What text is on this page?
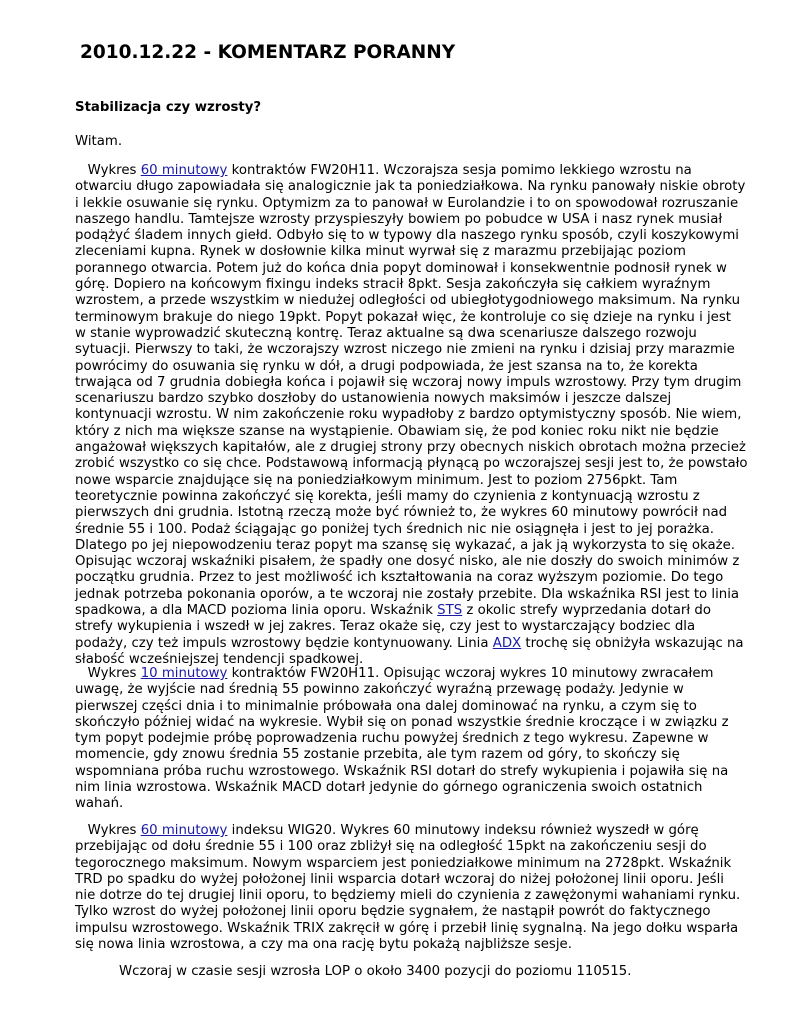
2010.12.22 - KOMENTARZ PORANNY
Stabilizacja czy wzrosty?

Witam.

Wykres 60 minutowy kontraktów FW20H11. Wczorajsza sesja pomimo lekkiego wzrostu na
otwarciu długo zapowiadała się analogicznie jak ta poniedziałkowa. Na rynku panowały niskie obroty
i lekkie osuwanie się rynku. Optymizm za to panował w Eurolandzie i to on spowodował rozruszanie
naszego handlu. Tamtejsze wzrosty przyspieszyły bowiem po pobudce w USA i nasz rynek musiał
podążyć śladem innych giełd. Odbyło się to w typowy dla naszego rynku sposób, czyli koszykowymi
zleceniami kupna. Rynek w dosłownie kilka minut wyrwał się z marazmu przebijając poziom
porannego otwarcia. Potem już do końca dnia popyt dominował i konsekwentnie podnosił rynek w
górę. Dopiero na końcowym fixingu indeks stracił 8pkt. Sesja zakończyła się całkiem wyraźnym
wzrostem, a przede wszystkim w niedużej odległości od ubiegłotygodniowego maksimum. Na rynku
terminowym brakuje do niego 19pkt. Popyt pokazał więc, że kontroluje co się dzieje na rynku i jest
w stanie wyprowadzić skuteczną kontrę. Teraz aktualne są dwa scenariusze dalszego rozwoju
sytuacji. Pierwszy to taki, że wczorajszy wzrost niczego nie zmieni na rynku i dzisiaj przy marazmie
powrócimy do osuwania się rynku w dół, a drugi podpowiada, że jest szansa na to, że korekta
trwająca od 7 grudnia dobiegła końca i pojawił się wczoraj nowy impuls wzrostowy. Przy tym drugim
scenariuszu bardzo szybko doszłoby do ustanowienia nowych maksimów i jeszcze dalszej
kontynuacji wzrostu. W nim zakończenie roku wypadłoby z bardzo optymistyczny sposób. Nie wiem,
który z nich ma większe szanse na wystąpienie. Obawiam się, że pod koniec roku nikt nie będzie
angażował większych kapitałów, ale z drugiej strony przy obecnych niskich obrotach można przecież
zrobić wszystko co się chce. Podstawową informacją płynącą po wczorajszej sesji jest to, że powstało
nowe wsparcie znajdujące się na poniedziałkowym minimum. Jest to poziom 2756pkt. Tam
teoretycznie powinna zakończyć się korekta, jeśli mamy do czynienia z kontynuacją wzrostu z
pierwszych dni grudnia. Istotną rzeczą może być również to, że wykres 60 minutowy powrócił nad
średnie 55 i 100. Podaż ściągając go poniżej tych średnich nic nie osiągnęła i jest to jej porażka.
Dlatego po jej niepowodzeniu teraz popyt ma szansę się wykazać, a jak ją wykorzysta to się okaże.
Opisując wczoraj wskaźniki pisałem, że spadły one dosyć nisko, ale nie doszły do swoich minimów z
początku grudnia. Przez to jest możliwość ich kształtowania na coraz wyższym poziomie. Do tego
jednak potrzeba pokonania oporów, a te wczoraj nie zostały przebite. Dla wskaźnika RSI jest to linia
spadkowa, a dla MACD pozioma linia oporu. Wskaźnik STS z okolic strefy wyprzedania dotarł do
strefy wykupienia i wszedł w jej zakres. Teraz okaże się, czy jest to wystarczający bodziec dla
podaży, czy też impuls wzrostowy będzie kontynuowany. Linia ADX trochę się obniżyła wskazując na
słabość wcześniejszej tendencji spadkowej.
Wykres 10 minutowy kontraktów FW20H11. Opisując wczoraj wykres 10 minutowy zwracałem
uwagę, że wyjście nad średnią 55 powinno zakończyć wyraźną przewagę podaży. Jedynie w
pierwszej części dnia i to minimalnie próbowała ona dalej dominować na rynku, a czym się to
skończyło później widać na wykresie. Wybił się on ponad wszystkie średnie kroczące i w związku z
tym popyt podejmie próbę poprowadzenia ruchu powyżej średnich z tego wykresu. Zapewne w
momencie, gdy znowu średnia 55 zostanie przebita, ale tym razem od góry, to skończy się
wspomniana próba ruchu wzrostowego. Wskaźnik RSI dotarł do strefy wykupienia i pojawiła się na
nim linia wzrostowa. Wskaźnik MACD dotarł jedynie do górnego ograniczenia swoich ostatnich
wahań.
Wykres 60 minutowy indeksu WIG20. Wykres 60 minutowy indeksu również wyszedł w górę
przebijając od dołu średnie 55 i 100 oraz zbliżył się na odległość 15pkt na zakończeniu sesji do
tegorocznego maksimum. Nowym wsparciem jest poniedziałkowe minimum na 2728pkt. Wskaźnik
TRD po spadku do wyżej położonej linii wsparcia dotarł wczoraj do niżej położonej linii oporu. Jeśli
nie dotrze do tej drugiej linii oporu, to będziemy mieli do czynienia z zawężonymi wahaniami rynku.
Tylko wzrost do wyżej położonej linii oporu będzie sygnałem, że nastąpił powrót do faktycznego
impulsu wzrostowego. Wskaźnik TRIX zakręcił w górę i przebił linię sygnalną. Na jego dołku wsparła
się nowa linia wzrostowa, a czy ma ona rację bytu pokażą najbliższe sesje.

Wczoraj w czasie sesji wzrosła LOP o około 3400 pozycji do poziomu 110515.
